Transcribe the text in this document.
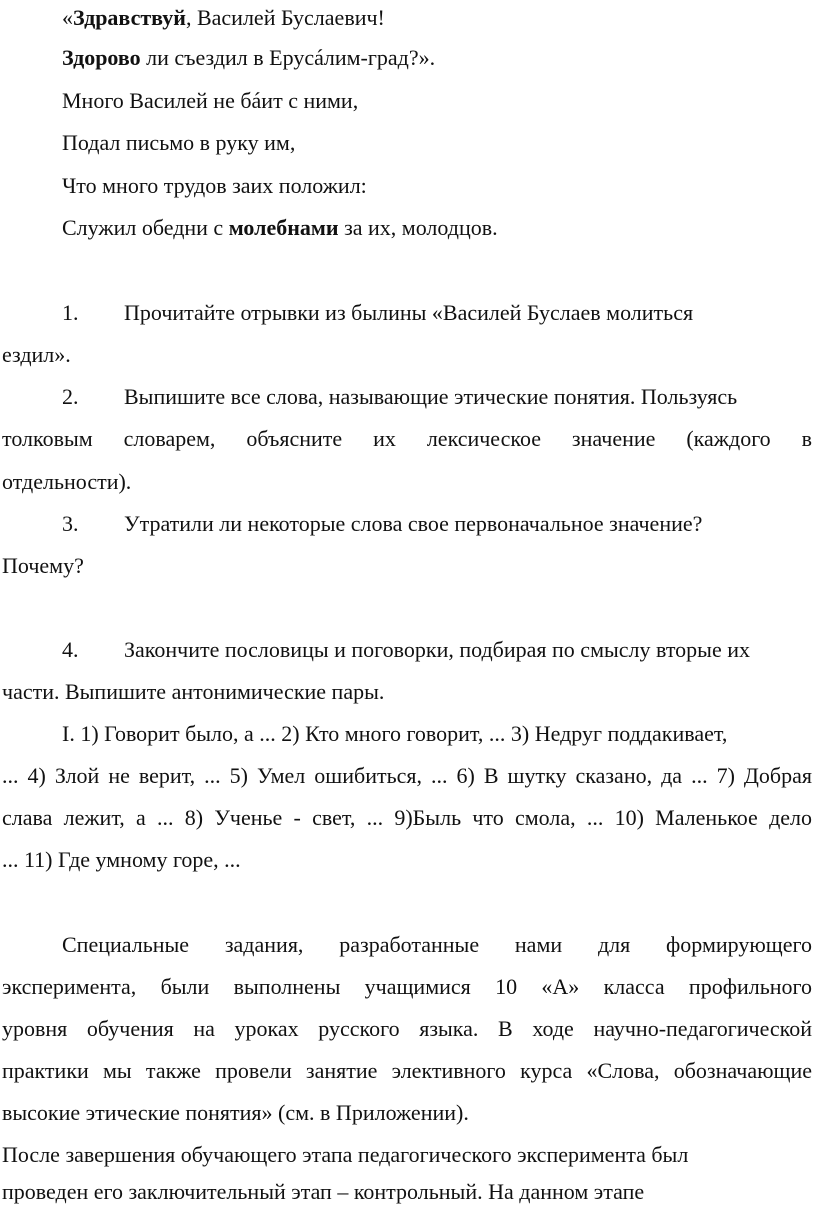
«Здравствуй, Василей Буслаевич!
Здорово ли съездил в Ерусáлим-град?».
Много Василей не бáит с ними,
Подал письмо в руку им,
Что много трудов заих положил:
Служил обедни с молебнами за их, молодцов.
1. Прочитайте отрывки из былины «Василей Буслаев молиться
ездил».
2. Выпишите все слова, называющие этические понятия. Пользуясь
толковым словарем, объясните их лексическое значение (каждого в
отдельности).
3. Утратили ли некоторые слова свое первоначальное значение?
Почему?
4. Закончите пословицы и поговорки, подбирая по смыслу вторые их
части. Выпишите антонимические пары.
I. 1) Говорит было, а ... 2) Кто много говорит, ... 3) Недруг поддакивает,
... 4) Злой не верит, ... 5) Умел ошибиться, ... 6) В шутку сказано, да ... 7) Добрая
слава лежит, а ... 8) Ученье - свет, ... 9)Быль что смола, ... 10) Маленькое дело
... 11) Где умному горе, ...
Специальные задания, разработанные нами для формирующего
эксперимента, были выполнены учащимися 10 «А» класса профильного
уровня обучения на уроках русского языка. В ходе научно-педагогической
практики мы также провели занятие элективного курса «Слова, обозначающие
высокие этические понятия» (см. в Приложении).
После завершения обучающего этапа педагогического эксперимента был
проведен его заключительный этап – контрольный. На данном этапе
